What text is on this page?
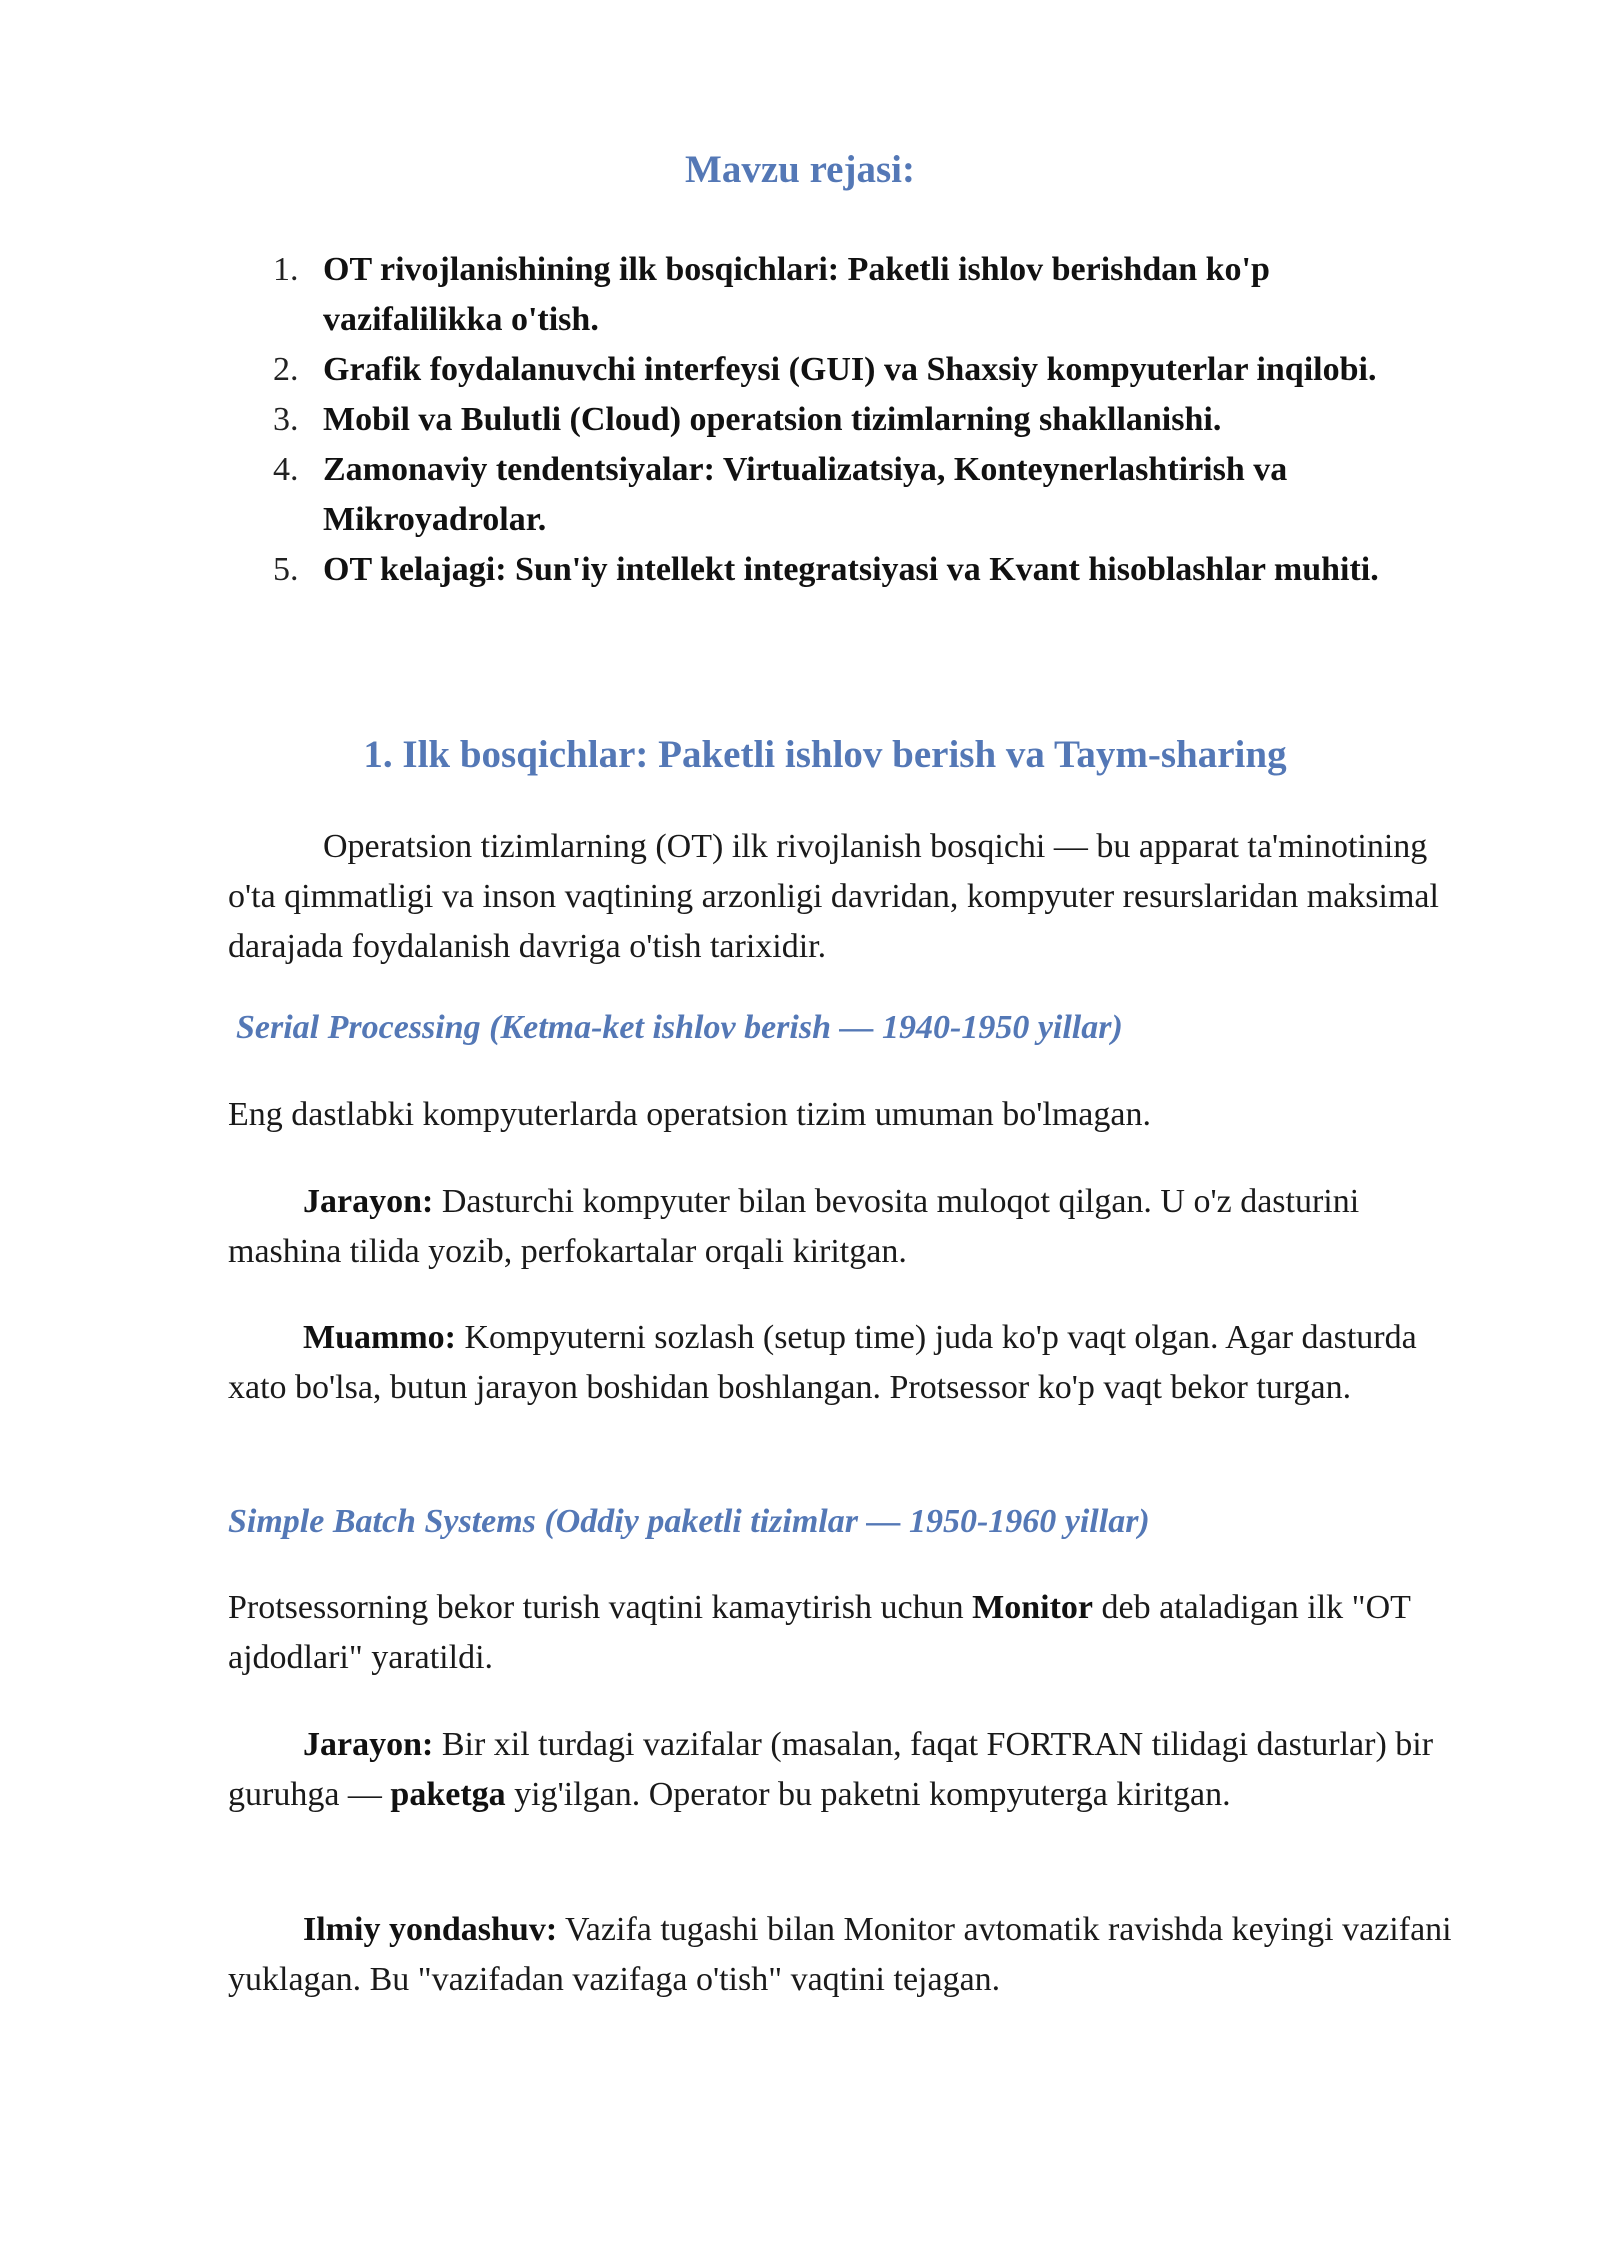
Mavzu rejasi:
1. OT rivojlanishining ilk bosqichlari: Paketli ishlov berishdan ko'p vazifalilikka o'tish.
2. Grafik foydalanuvchi interfeysi (GUI) va Shaxsiy kompyuterlar inqilobi.
3. Mobil va Bulutli (Cloud) operatsion tizimlarning shakllanishi.
4. Zamonaviy tendentsiyalar: Virtualizatsiya, Konteynerlashtirish va Mikroyadrolar.
5. OT kelajagi: Sun'iy intellekt integratsiyasi va Kvant hisoblashlar muhiti.
1. Ilk bosqichlar: Paketli ishlov berish va Taym-sharing

Operatsion tizimlarning (OT) ilk rivojlanish bosqichi — bu apparat ta'minotining o'ta qimmatligi va inson vaqtining arzonligi davridan, kompyuter resurslaridan maksimal darajada foydalanish davriga o'tish tarixidir.

Serial Processing (Ketma-ket ishlov berish — 1940-1950 yillar)

Eng dastlabki kompyuterlarda operatsion tizim umuman bo'lmagan.

Jarayon: Dasturchi kompyuter bilan bevosita muloqot qilgan. U o'z dasturini mashina tilida yozib, perfokartalar orqali kiritgan.

Muammo: Kompyuterni sozlash (setup time) juda ko'p vaqt olgan. Agar dasturda xato bo'lsa, butun jarayon boshidan boshlangan. Protsessor ko'p vaqt bekor turgan.

Simple Batch Systems (Oddiy paketli tizimlar — 1950-1960 yillar)

Protsessorning bekor turish vaqtini kamaytirish uchun Monitor deb ataladigan ilk "OT ajdodlari" yaratildi.

Jarayon: Bir xil turdagi vazifalar (masalan, faqat FORTRAN tilidagi dasturlar) bir guruhga — paketga yig'ilgan. Operator bu paketni kompyuterga kiritgan.

Ilmiy yondashuv: Vazifa tugashi bilan Monitor avtomatik ravishda keyingi vazifani yuklagan. Bu "vazifadan vazifaga o'tish" vaqtini tejagan.
